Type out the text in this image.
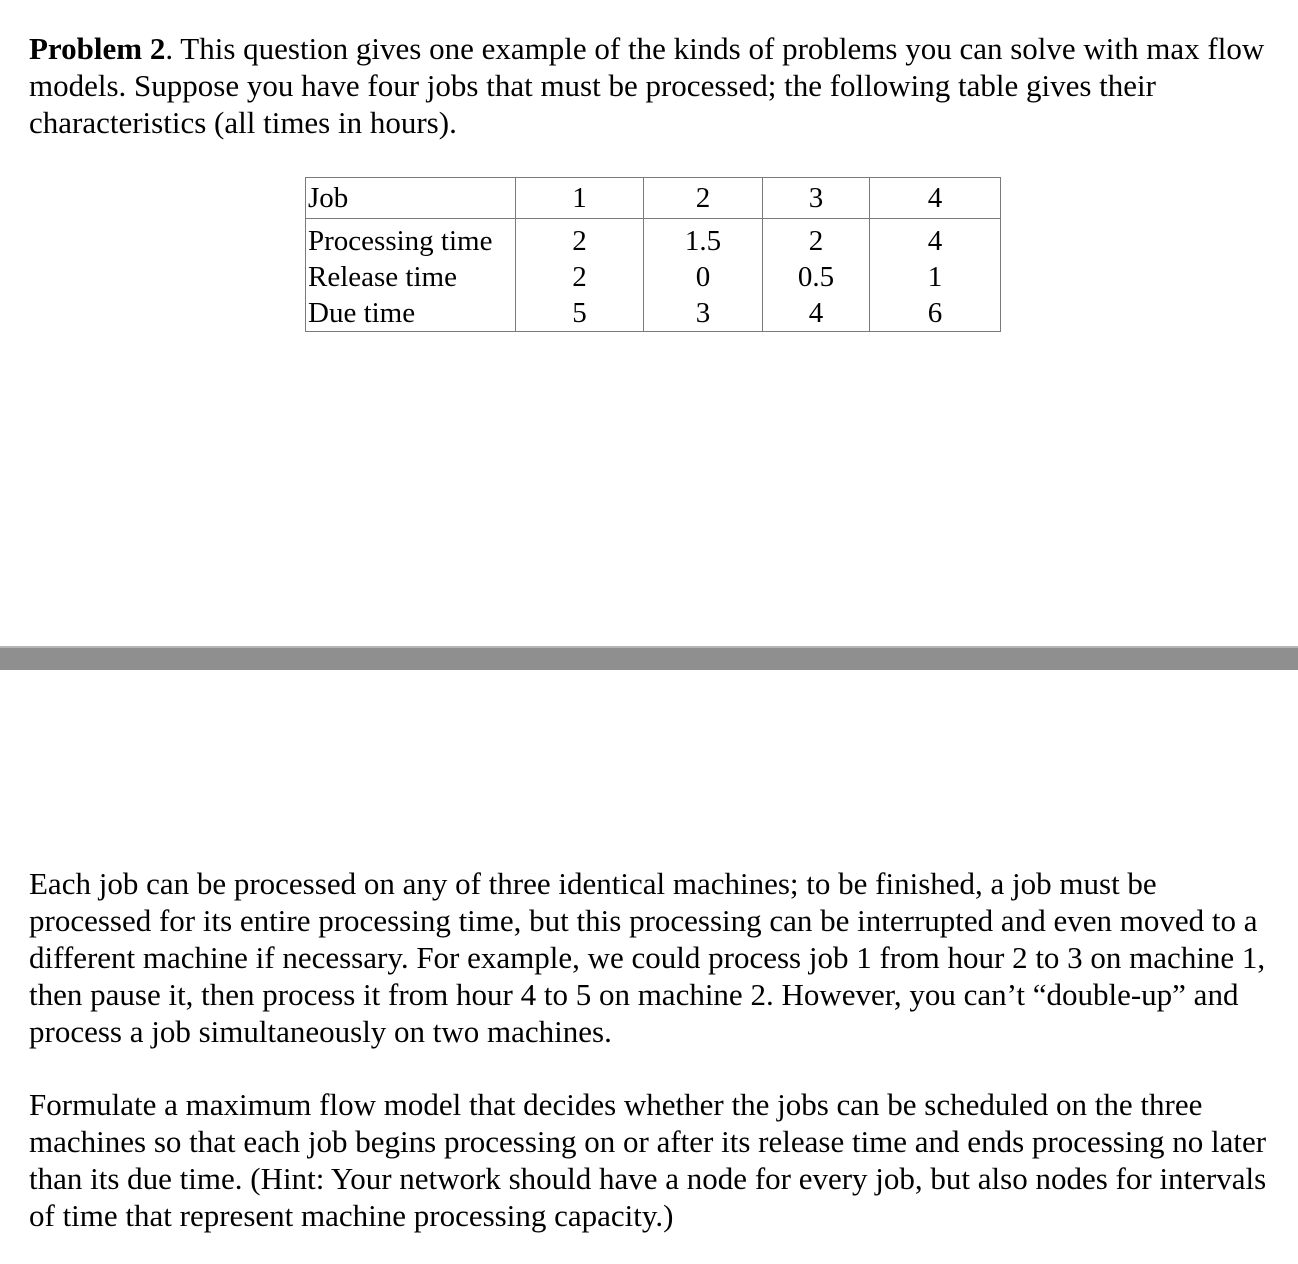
Problem 2. This question gives one example of the kinds of problems you can solve with max flow models. Suppose you have four jobs that must be processed; the following table gives their characteristics (all times in hours).

Job	1	2	3	4
Processing time	2	1.5	2	4
Release time	2	0	0.5	1
Due time	5	3	4	6

Each job can be processed on any of three identical machines; to be finished, a job must be processed for its entire processing time, but this processing can be interrupted and even moved to a different machine if necessary. For example, we could process job 1 from hour 2 to 3 on machine 1, then pause it, then process it from hour 4 to 5 on machine 2. However, you can’t “double-up” and process a job simultaneously on two machines.

Formulate a maximum flow model that decides whether the jobs can be scheduled on the three machines so that each job begins processing on or after its release time and ends processing no later than its due time. (Hint: Your network should have a node for every job, but also nodes for intervals of time that represent machine processing capacity.)
